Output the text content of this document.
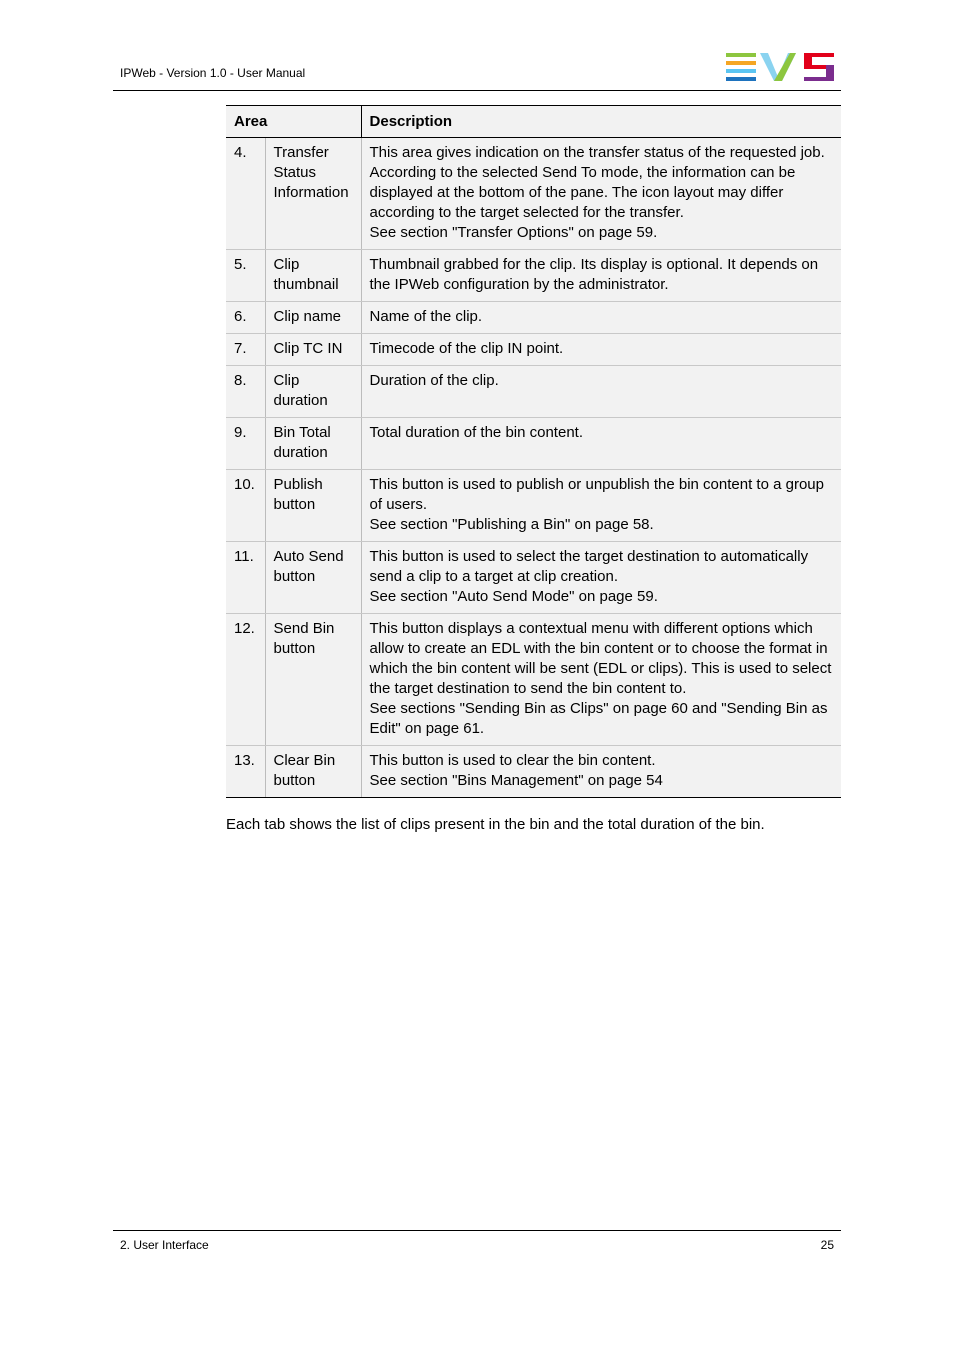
IPWeb - Version 1.0 - User Manual
Area		Description
4.	Transfer Status Information	This area gives indication on the transfer status of the requested job. According to the selected Send To mode, the information can be displayed at the bottom of the pane. The icon layout may differ according to the target selected for the transfer.
See section "Transfer Options" on page 59.

5.	Clip thumbnail	Thumbnail grabbed for the clip. Its display is optional. It depends on the IPWeb configuration by the administrator.

6.	Clip name	Name of the clip.

7.	Clip TC IN	Timecode of the clip IN point.

8.	Clip duration	Duration of the clip.

9.	Bin Total duration	Total duration of the bin content.

10.	Publish button	This button is used to publish or unpublish the bin content to a group of users.
See section "Publishing a Bin" on page 58.

11.	Auto Send button	This button is used to select the target destination to automatically send a clip to a target at clip creation.
See section "Auto Send Mode" on page 59.

12.	Send Bin button	This button displays a contextual menu with different options which allow to create an EDL with the bin content or to choose the format in which the bin content will be sent (EDL or clips). This is used to select the target destination to send the bin content to.
See sections "Sending Bin as Clips" on page 60 and "Sending Bin as Edit" on page 61.

13.	Clear Bin button	This button is used to clear the bin content.
See section "Bins Management" on page 54
Each tab shows the list of clips present in the bin and the total duration of the bin.
2. User Interface	25
